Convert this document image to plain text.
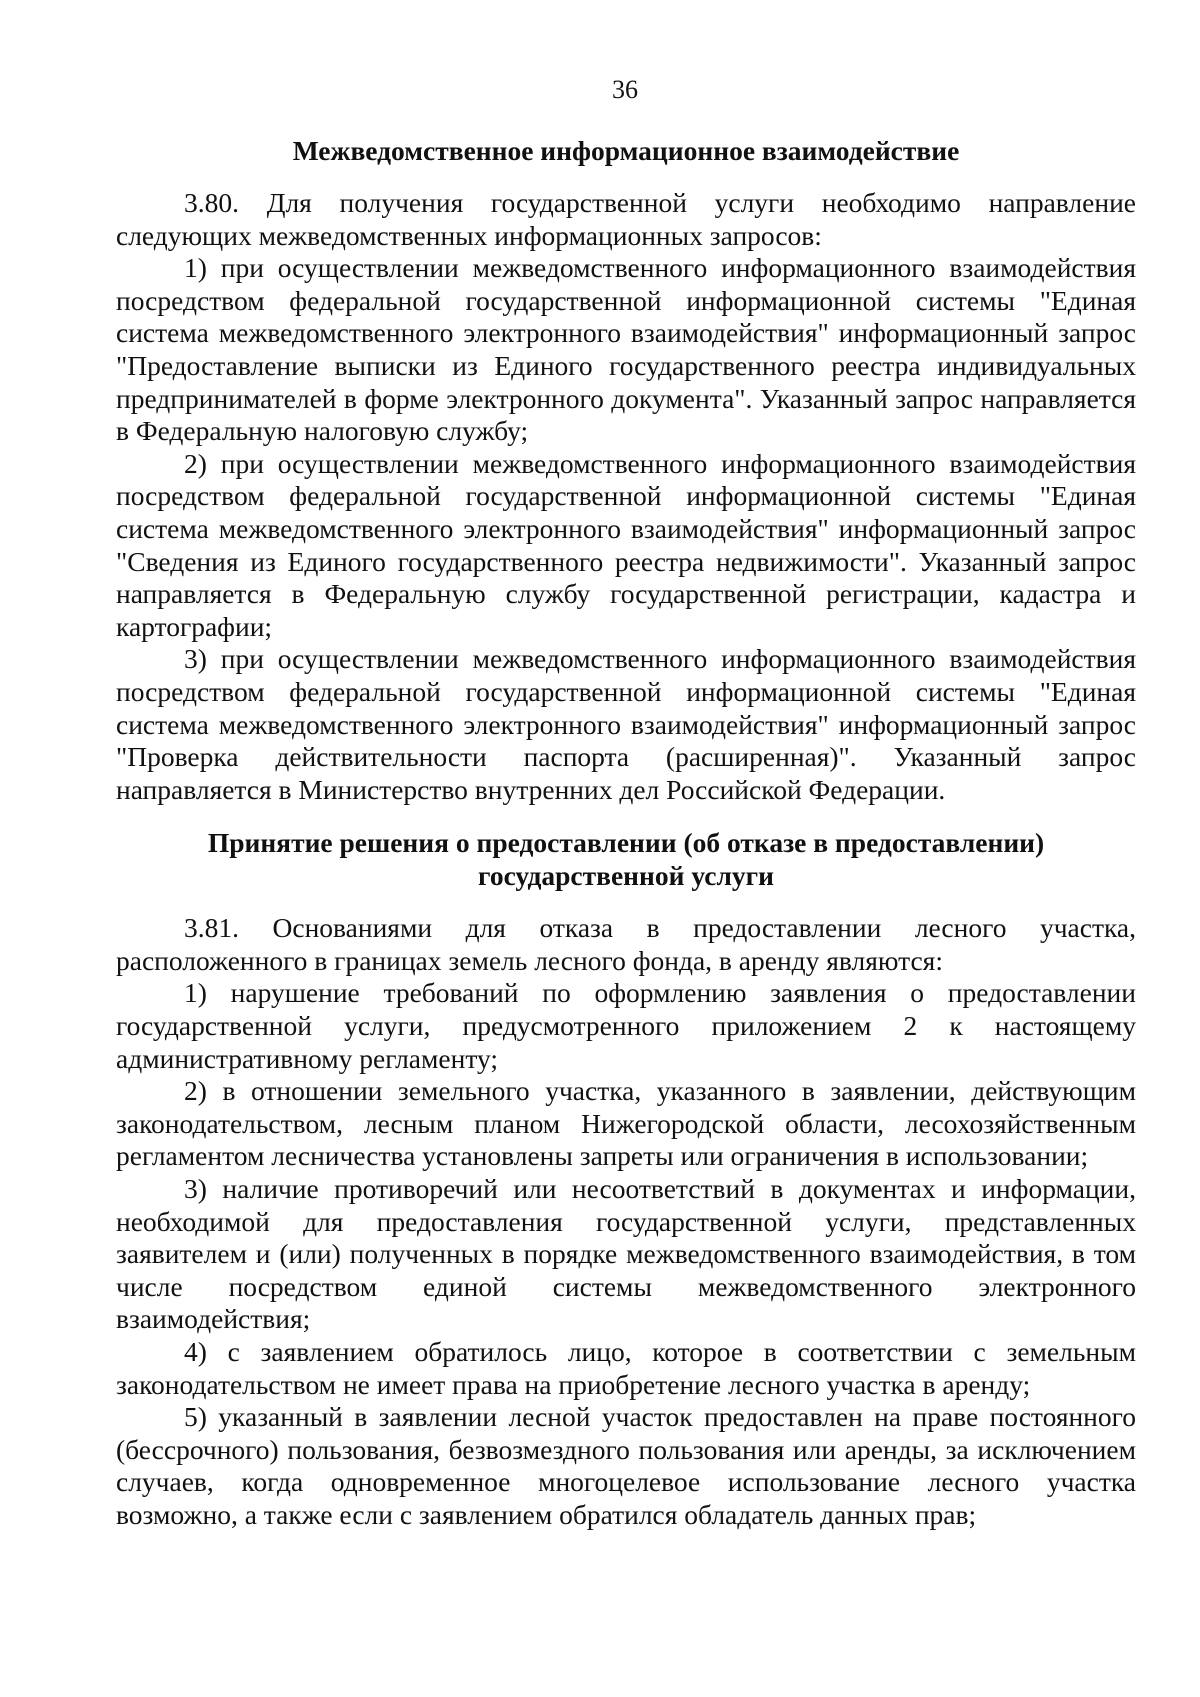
36

Межведомственное информационное взаимодействие

3.80. Для получения государственной услуги необходимо направление следующих межведомственных информационных запросов:

1) при осуществлении межведомственного информационного взаимодействия посредством федеральной государственной информационной системы "Единая система межведомственного электронного взаимодействия" информационный запрос "Предоставление выписки из Единого государственного реестра индивидуальных предпринимателей в форме электронного документа". Указанный запрос направляется в Федеральную налоговую службу;

2) при осуществлении межведомственного информационного взаимодействия посредством федеральной государственной информационной системы "Единая система межведомственного электронного взаимодействия" информационный запрос "Сведения из Единого государственного реестра недвижимости". Указанный запрос направляется в Федеральную службу государственной регистрации, кадастра и картографии;

3) при осуществлении межведомственного информационного взаимодействия посредством федеральной государственной информационной системы "Единая система межведомственного электронного взаимодействия" информационный запрос "Проверка действительности паспорта (расширенная)". Указанный запрос направляется в Министерство внутренних дел Российской Федерации.

Принятие решения о предоставлении (об отказе в предоставлении)
государственной услуги

3.81. Основаниями для отказа в предоставлении лесного участка, расположенного в границах земель лесного фонда, в аренду являются:

1) нарушение требований по оформлению заявления о предоставлении государственной услуги, предусмотренного приложением 2 к настоящему административному регламенту;

2) в отношении земельного участка, указанного в заявлении, действующим законодательством, лесным планом Нижегородской области, лесохозяйственным регламентом лесничества установлены запреты или ограничения в использовании;

3) наличие противоречий или несоответствий в документах и информации, необходимой для предоставления государственной услуги, представленных заявителем и (или) полученных в порядке межведомственного взаимодействия, в том числе посредством единой системы межведомственного электронного взаимодействия;

4) с заявлением обратилось лицо, которое в соответствии с земельным законодательством не имеет права на приобретение лесного участка в аренду;

5) указанный в заявлении лесной участок предоставлен на праве постоянного (бессрочного) пользования, безвозмездного пользования или аренды, за исключением случаев, когда одновременное многоцелевое использование лесного участка возможно, а также если с заявлением обратился обладатель данных прав;
